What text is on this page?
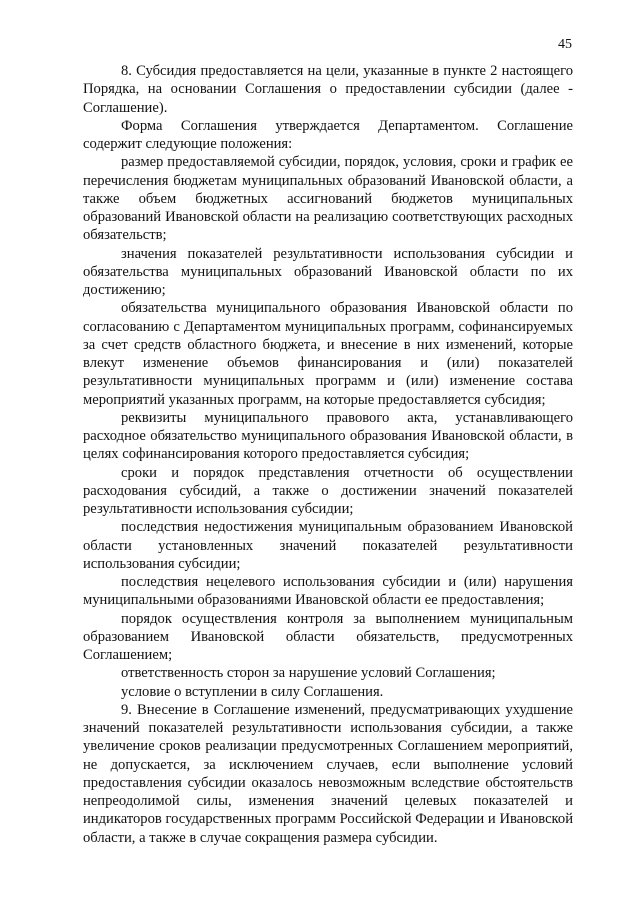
45

8. Субсидия предоставляется на цели, указанные в пункте 2 настоящего Порядка, на основании Соглашения о предоставлении субсидии (далее - Соглашение).

Форма Соглашения утверждается Департаментом. Соглашение содержит следующие положения:

размер предоставляемой субсидии, порядок, условия, сроки и график ее перечисления бюджетам муниципальных образований Ивановской области, а также объем бюджетных ассигнований бюджетов муниципальных образований Ивановской области на реализацию соответствующих расходных обязательств;

значения показателей результативности использования субсидии и обязательства муниципальных образований Ивановской области по их достижению;

обязательства муниципального образования Ивановской области по согласованию с Департаментом муниципальных программ, софинансируемых за счет средств областного бюджета, и внесение в них изменений, которые влекут изменение объемов финансирования и (или) показателей результативности муниципальных программ и (или) изменение состава мероприятий указанных программ, на которые предоставляется субсидия;

реквизиты муниципального правового акта, устанавливающего расходное обязательство муниципального образования Ивановской области, в целях софинансирования которого предоставляется субсидия;

сроки и порядок представления отчетности об осуществлении расходования субсидий, а также о достижении значений показателей результативности использования субсидии;

последствия недостижения муниципальным образованием Ивановской области установленных значений показателей результативности использования субсидии;

последствия нецелевого использования субсидии и (или) нарушения муниципальными образованиями Ивановской области ее предоставления;

порядок осуществления контроля за выполнением муниципальным образованием Ивановской области обязательств, предусмотренных Соглашением;

ответственность сторон за нарушение условий Соглашения;

условие о вступлении в силу Соглашения.

9. Внесение в Соглашение изменений, предусматривающих ухудшение значений показателей результативности использования субсидии, а также увеличение сроков реализации предусмотренных Соглашением мероприятий, не допускается, за исключением случаев, если выполнение условий предоставления субсидии оказалось невозможным вследствие обстоятельств непреодолимой силы, изменения значений целевых показателей и индикаторов государственных программ Российской Федерации и Ивановской области, а также в случае сокращения размера субсидии.
